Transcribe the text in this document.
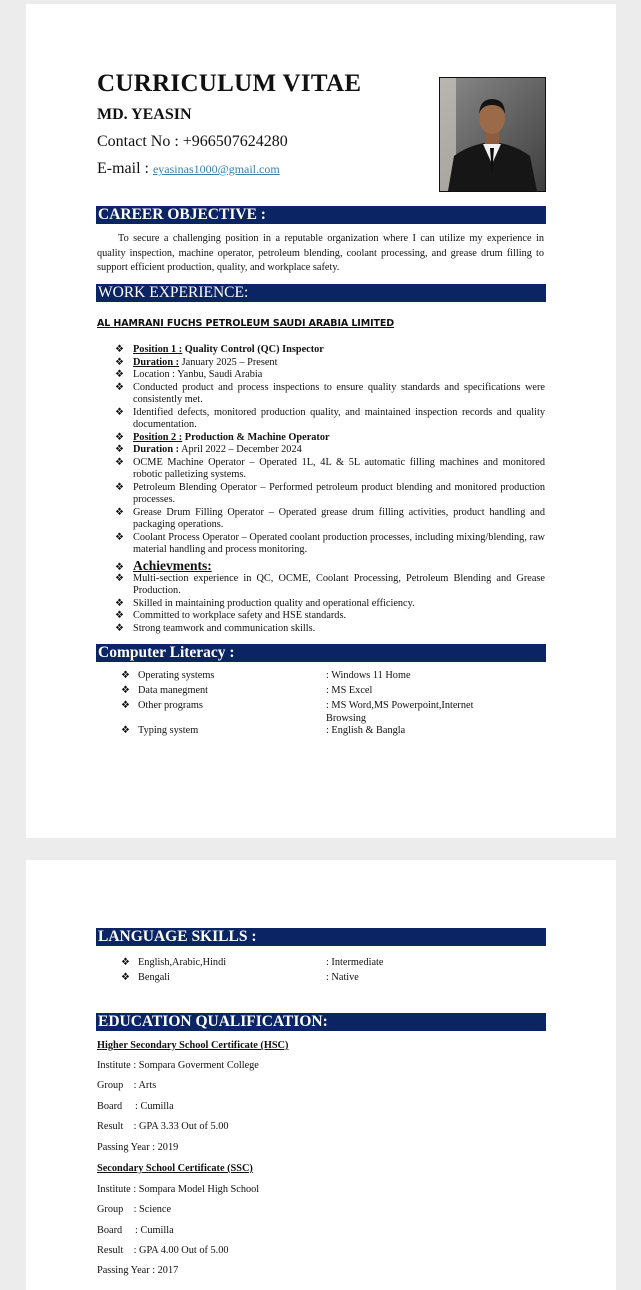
CURRICULUM VITAE
MD. YEASIN
Contact No : +966507624280
E-mail : eyasinas1000@gmail.com
CAREER OBJECTIVE :
To secure a challenging position in a reputable organization where I can utilize my experience in quality inspection, machine operator, petroleum blending, coolant processing, and grease drum filling to support efficient production, quality, and workplace safety.
WORK EXPERIENCE:
AL HAMRANI FUCHS PETROLEUM SAUDI ARABIA LIMITED
❖ Position 1 : Quality Control (QC) Inspector
❖ Duration : January 2025 – Present
❖ Location : Yanbu, Saudi Arabia
❖ Conducted product and process inspections to ensure quality standards and specifications were consistently met.
❖ Identified defects, monitored production quality, and maintained inspection records and quality documentation.
❖ Position 2 : Production & Machine Operator
❖ Duration : April 2022 – December 2024
❖ OCME Machine Operator – Operated 1L, 4L & 5L automatic filling machines and monitored robotic palletizing systems.
❖ Petroleum Blending Operator – Performed petroleum product blending and monitored production processes.
❖ Grease Drum Filling Operator – Operated grease drum filling activities, product handling and packaging operations.
❖ Coolant Process Operator – Operated coolant production processes, including mixing/blending, raw material handling and process monitoring.
❖ Achievments:
❖ Multi-section experience in QC, OCME, Coolant Processing, Petroleum Blending and Grease Production.
❖ Skilled in maintaining production quality and operational efficiency.
❖ Committed to workplace safety and HSE standards.
❖ Strong teamwork and communication skills.
Computer Literacy :
❖ Operating systems	: Windows 11 Home
❖ Data manegment	: MS Excel
❖ Other programs	: MS Word,MS Powerpoint,Internet Browsing
❖ Typing system	: English & Bangla
LANGUAGE SKILLS :
❖ English,Arabic,Hindi	: Intermediate
❖ Bengali	: Native
EDUCATION QUALIFICATION:
Higher Secondary School Certificate (HSC)
Institute : Sompara Goverment College
Group    : Arts
Board     : Cumilla
Result    : GPA 3.33 Out of 5.00
Passing Year : 2019
Secondary School Certificate (SSC)
Institute : Sompara Model High School
Group    : Science
Board     : Cumilla
Result    : GPA 4.00 Out of 5.00
Passing Year : 2017
